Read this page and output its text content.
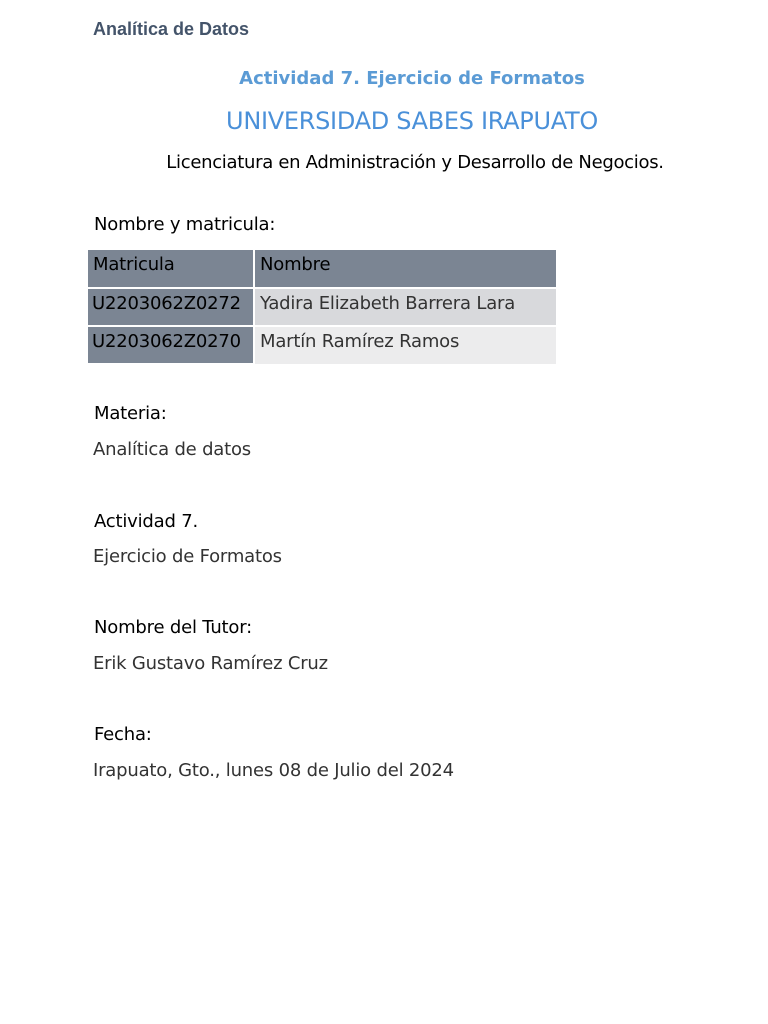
Analítica de Datos
Actividad 7. Ejercicio de Formatos
UNIVERSIDAD SABES IRAPUATO
Licenciatura en Administración y Desarrollo de Negocios.
Nombre y matricula:
Matricula	Nombre
U2203062Z0272	Yadira Elizabeth Barrera Lara
U2203062Z0270	Martín Ramírez Ramos
Materia:
Analítica de datos
Actividad 7.
Ejercicio de Formatos
Nombre del Tutor:
Erik Gustavo Ramírez Cruz
Fecha:
Irapuato, Gto., lunes 08 de Julio del 2024
